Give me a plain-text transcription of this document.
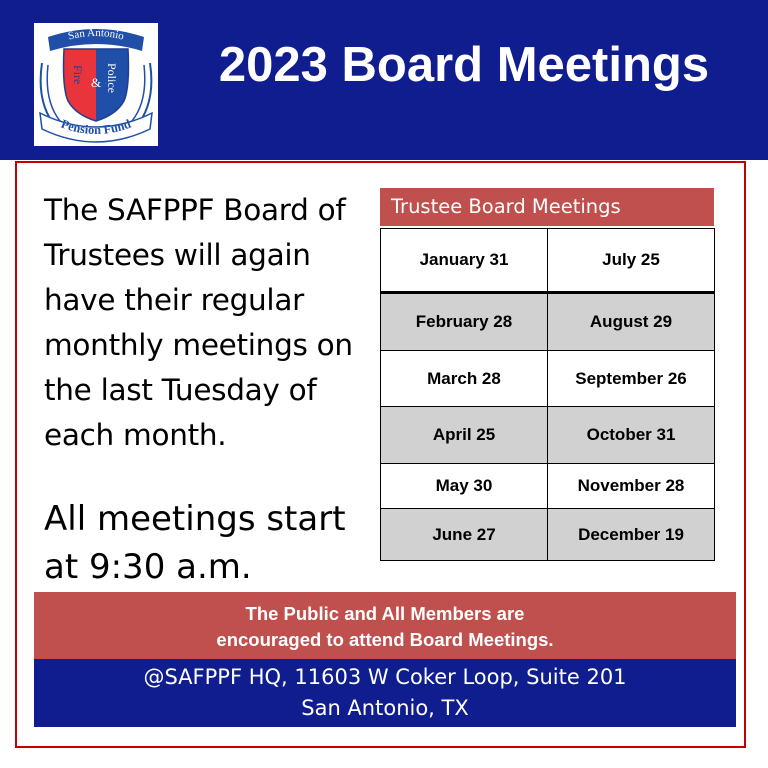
San Antonio
Fire & Police
Pension Fund
2023 Board Meetings
The SAFPPF Board of
Trustees will again
have their regular
monthly meetings on
the last Tuesday of
each month.
All meetings start
at 9:30 a.m.
Trustee Board Meetings
January 31	July 25
February 28	August 29
March 28	September 26
April 25	October 31
May 30	November 28
June 27	December 19
The Public and All Members are
encouraged to attend Board Meetings.
@SAFPPF HQ, 11603 W Coker Loop, Suite 201
San Antonio, TX
